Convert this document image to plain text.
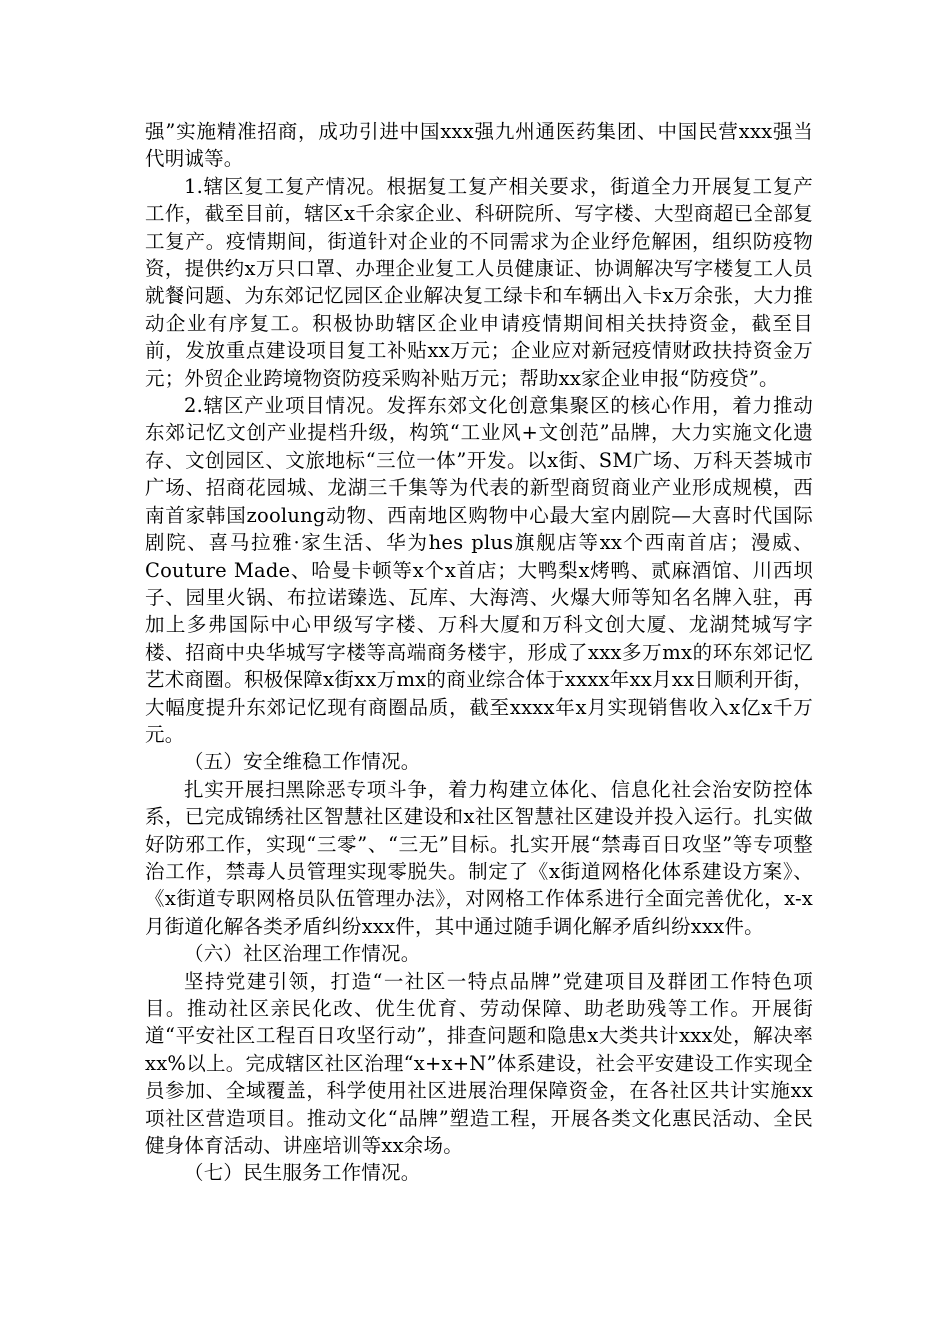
强”实施精准招商，成功引进中国xxx强九州通医药集团、中国民营xxx强当代明诚等。

1.辖区复工复产情况。根据复工复产相关要求，街道全力开展复工复产工作，截至目前，辖区x千余家企业、科研院所、写字楼、大型商超已全部复工复产。疫情期间，街道针对企业的不同需求为企业纾危解困，组织防疫物资，提供约x万只口罩、办理企业复工人员健康证、协调解决写字楼复工人员就餐问题、为东郊记忆园区企业解决复工绿卡和车辆出入卡x万余张，大力推动企业有序复工。积极协助辖区企业申请疫情期间相关扶持资金，截至目前，发放重点建设项目复工补贴xx万元；企业应对新冠疫情财政扶持资金万元；外贸企业跨境物资防疫采购补贴万元；帮助xx家企业申报“防疫贷”。

2.辖区产业项目情况。发挥东郊文化创意集聚区的核心作用，着力推动东郊记忆文创产业提档升级，构筑“工业风+文创范”品牌，大力实施文化遗存、文创园区、文旅地标“三位一体”开发。以x街、SM广场、万科天荟城市广场、招商花园城、龙湖三千集等为代表的新型商贸商业产业形成规模，西南首家韩国zoolung动物、西南地区购物中心最大室内剧院—大喜时代国际剧院、喜马拉雅·家生活、华为hes plus旗舰店等xx个西南首店；漫威、Couture Made、哈曼卡顿等x个x首店；大鸭梨x烤鸭、贰麻酒馆、川西坝子、园里火锅、布拉诺臻选、瓦库、大海湾、火爆大师等知名名牌入驻，再加上多弗国际中心甲级写字楼、万科大厦和万科文创大厦、龙湖梵城写字楼、招商中央华城写字楼等高端商务楼宇，形成了xxx多万mx的环东郊记忆艺术商圈。积极保障x街xx万mx的商业综合体于xxxx年xx月xx日顺利开街，大幅度提升东郊记忆现有商圈品质，截至xxxx年x月实现销售收入x亿x千万元。

（五）安全维稳工作情况。

扎实开展扫黑除恶专项斗争，着力构建立体化、信息化社会治安防控体系，已完成锦绣社区智慧社区建设和x社区智慧社区建设并投入运行。扎实做好防邪工作，实现“三零”、“三无”目标。扎实开展“禁毒百日攻坚”等专项整治工作，禁毒人员管理实现零脱失。制定了《x街道网格化体系建设方案》、《x街道专职网格员队伍管理办法》，对网格工作体系进行全面完善优化，x-x月街道化解各类矛盾纠纷xxx件，其中通过随手调化解矛盾纠纷xxx件。

（六）社区治理工作情况。

坚持党建引领，打造“一社区一特点品牌”党建项目及群团工作特色项目。推动社区亲民化改、优生优育、劳动保障、助老助残等工作。开展街道“平安社区工程百日攻坚行动”，排查问题和隐患x大类共计xxx处，解决率xx%以上。完成辖区社区治理“x+x+N”体系建设，社会平安建设工作实现全员参加、全域覆盖，科学使用社区进展治理保障资金，在各社区共计实施xx项社区营造项目。推动文化“品牌”塑造工程，开展各类文化惠民活动、全民健身体育活动、讲座培训等xx余场。

（七）民生服务工作情况。
